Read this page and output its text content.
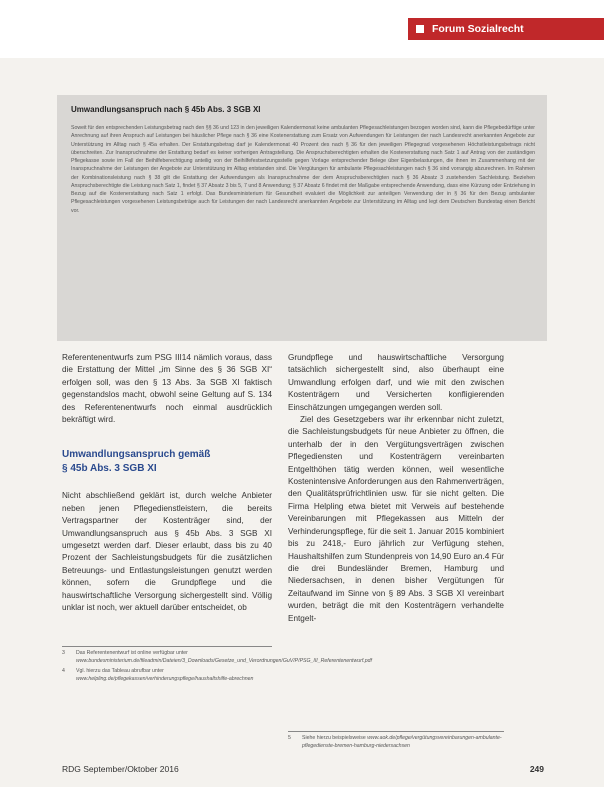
Forum Sozialrecht
Umwandlungsanspruch nach § 45b Abs. 3 SGB XI

Soweit für den entsprechenden Leistungsbetrag nach den §§ 36 und 123 in den jeweiligen Kalendermonat keine ambulanten Pflegesachleistungen bezogen worden sind, kann die Pflegebedürftige unter Anrechnung auf ihren Anspruch auf Leistungen bei häuslicher Pflege nach § 36 eine Kostenerstattung zum Ersatz von Aufwendungen für Leistungen der nach Landesrecht anerkannten Angebote zur Unterstützung im Alltag nach § 45a erhalten. Der Erstattungsbetrag darf je Kalendermonat 40 Prozent des nach § 36 für den jeweiligen Pflegegrad vorgesehenen Höchstleistungsbetrags nicht überschreiten. Zur Inanspruchnahme der Erstattung bedarf es keiner vorherigen Antragstellung. Die Anspruchsberechtigten erhalten die Kostenerstattung nach Satz 1 auf Antrag von der zuständigen Pflegekasse sowie im Fall der Beihilfeberechtigung anteilig von der Beihilfefestsetzungsstelle gegen Vorlage entsprechender Belege über Eigenbelastungen, die ihnen im Zusammenhang mit der Inanspruchnahme der Leistungen der Angebote zur Unterstützung im Alltag entstanden sind. Die Vergütungen für ambulante Pflegesachleistungen nach § 36 sind vorrangig abzurechnen. Im Rahmen der Kombinationsleistung nach § 38 gilt die Erstattung der Aufwendungen als Inanspruchnahme der dem Anspruchsberechtigten nach § 36 Absatz 3 zustehenden Sachleistung. Beziehen Anspruchsberechtigte die Leistung nach Satz 1, findet § 37 Absatz 3 bis 5, 7 und 8 Anwendung; § 37 Absatz 6 findet mit der Maßgabe entsprechende Anwendung, dass eine Kürzung oder Entziehung in Bezug auf die Kostenerstattung nach Satz 1 erfolgt. Das Bundesministerium für Gesundheit evaluiert die Möglichkeit zur anteiligen Verwendung der in § 36 für den Bezug ambulanter Pflegesachleistungen vorgesehenen Leistungsbeträge auch für Leistungen der nach Landesrecht anerkannten Angebote zur Unterstützung im Alltag und legt dem Deutschen Bundestag einen Bericht vor.

Referentenentwurfs zum PSG III14 nämlich voraus, dass die Erstattung der Mittel „im Sinne des § 36 SGB XI“ erfolgen soll, was den § 13 Abs. 3a SGB XI faktisch gegenstandslos macht, obwohl seine Geltung auf S. 134 des Referentenentwurfs noch einmal ausdrücklich bekräftigt wird.

Umwandlungsanspruch gemäß
§ 45b Abs. 3 SGB XI

Nicht abschließend geklärt ist, durch welche Anbieter neben jenen Pflegedienstleistern, die bereits Vertragspartner der Kostenträger sind, der Umwandlungsanspruch aus § 45b Abs. 3 SGB XI umgesetzt werden darf. Dieser erlaubt, dass bis zu 40 Prozent der Sachleistungsbudgets für die zusätzlichen Betreuungs- und Entlastungsleistungen genutzt werden können, sofern die Grundpflege und die hauswirtschaftliche Versorgung sichergestellt sind. Völlig unklar ist noch, wer aktuell darüber entscheidet, ob

Grundpflege und hauswirtschaftliche Versorgung tatsächlich sichergestellt sind, also überhaupt eine Umwandlung erfolgen darf, und wie mit den zwischen Kostenträgern und Versicherten konfligierenden Einschätzungen umgegangen werden soll.

Ziel des Gesetzgebers war ihr erkennbar nicht zuletzt, die Sachleistungsbudgets für neue Anbieter zu öffnen, die unterhalb der in den Vergütungsverträgen zwischen Pflegediensten und Kostenträgern vereinbarten Entgelthöhen tätig werden können, weil wesentliche Kostenintensive Anforderungen aus den Rahmenverträgen, den Qualitätsprüfrichtlinien usw. für sie nicht gelten. Die Firma Helpling etwa bietet mit Verweis auf bestehende Vereinbarungen mit Pflegekassen aus Mitteln der Verhinderungspflege, für die seit 1. Januar 2015 kombiniert bis zu 2418,- Euro jährlich zur Verfügung stehen, Haushaltshilfen zum Stundenpreis von 14,90 Euro an.4 Für die drei Bundesländer Bremen, Hamburg und Niedersachsen, in denen bisher Vergütungen für Zeitaufwand im Sinne von § 89 Abs. 3 SGB XI vereinbart wurden, beträgt die mit den Kostenträgern verhandelte Entgelt-

3	Das Referentenentwurf ist online verfügbar unter www.bundesministerium.de/fileadmin/Dateien/3_Downloads/Gesetze_und_Verordnungen/GuV/P/PSG_III_Referentenentwurf.pdf
4	Vgl. hierzu das Tableau abrufbar unter www.helpling.de/pflegekassen/verhinderungspflege/haushaltshilfe-abrechnen
5	Siehe hierzu beispielsweise www.aok.de/pflege/vergütungsvereinbarungen-ambulante-pflegedienste-bremen-hamburg-niedersachsen
RDG September/Oktober 2016	249
